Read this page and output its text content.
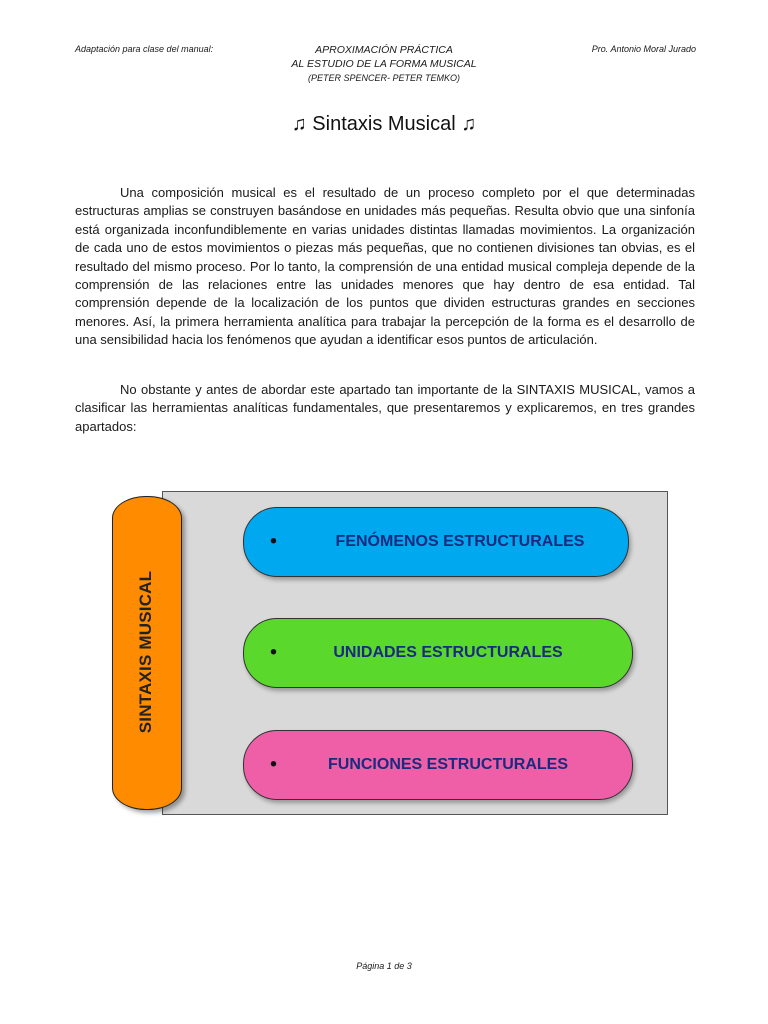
Adaptación para clase del manual:	APROXIMACIÓN PRÁCTICA
AL ESTUDIO DE LA FORMA MUSICAL
(PETER SPENCER- PETER TEMKO)
Pro. Antonio Moral Jurado
♫ Sintaxis Musical ♫
Una composición musical es el resultado de un proceso completo por el que determinadas estructuras amplias se construyen basándose en unidades más pequeñas. Resulta obvio que una sinfonía está organizada inconfundiblemente en varias unidades distintas llamadas movimientos. La organización de cada uno de estos movimientos o piezas más pequeñas, que no contienen divisiones tan obvias, es el resultado del mismo proceso. Por lo tanto, la comprensión de una entidad musical compleja depende de la comprensión de las relaciones entre las unidades menores que hay dentro de esa entidad. Tal comprensión depende de la localización de los puntos que dividen estructuras grandes en secciones menores. Así, la primera herramienta analítica para trabajar la percepción de la forma es el desarrollo de una sensibilidad hacia los fenómenos que ayudan a identificar esos puntos de articulación.
No obstante y antes de abordar este apartado tan importante de la SINTAXIS MUSICAL, vamos a clasificar las herramientas analíticas fundamentales, que presentaremos y explicaremos, en tres grandes apartados:
SINTAXIS MUSICAL
•	FENÓMENOS ESTRUCTURALES
•	UNIDADES ESTRUCTURALES
•	FUNCIONES ESTRUCTURALES
Página 1 de 3
